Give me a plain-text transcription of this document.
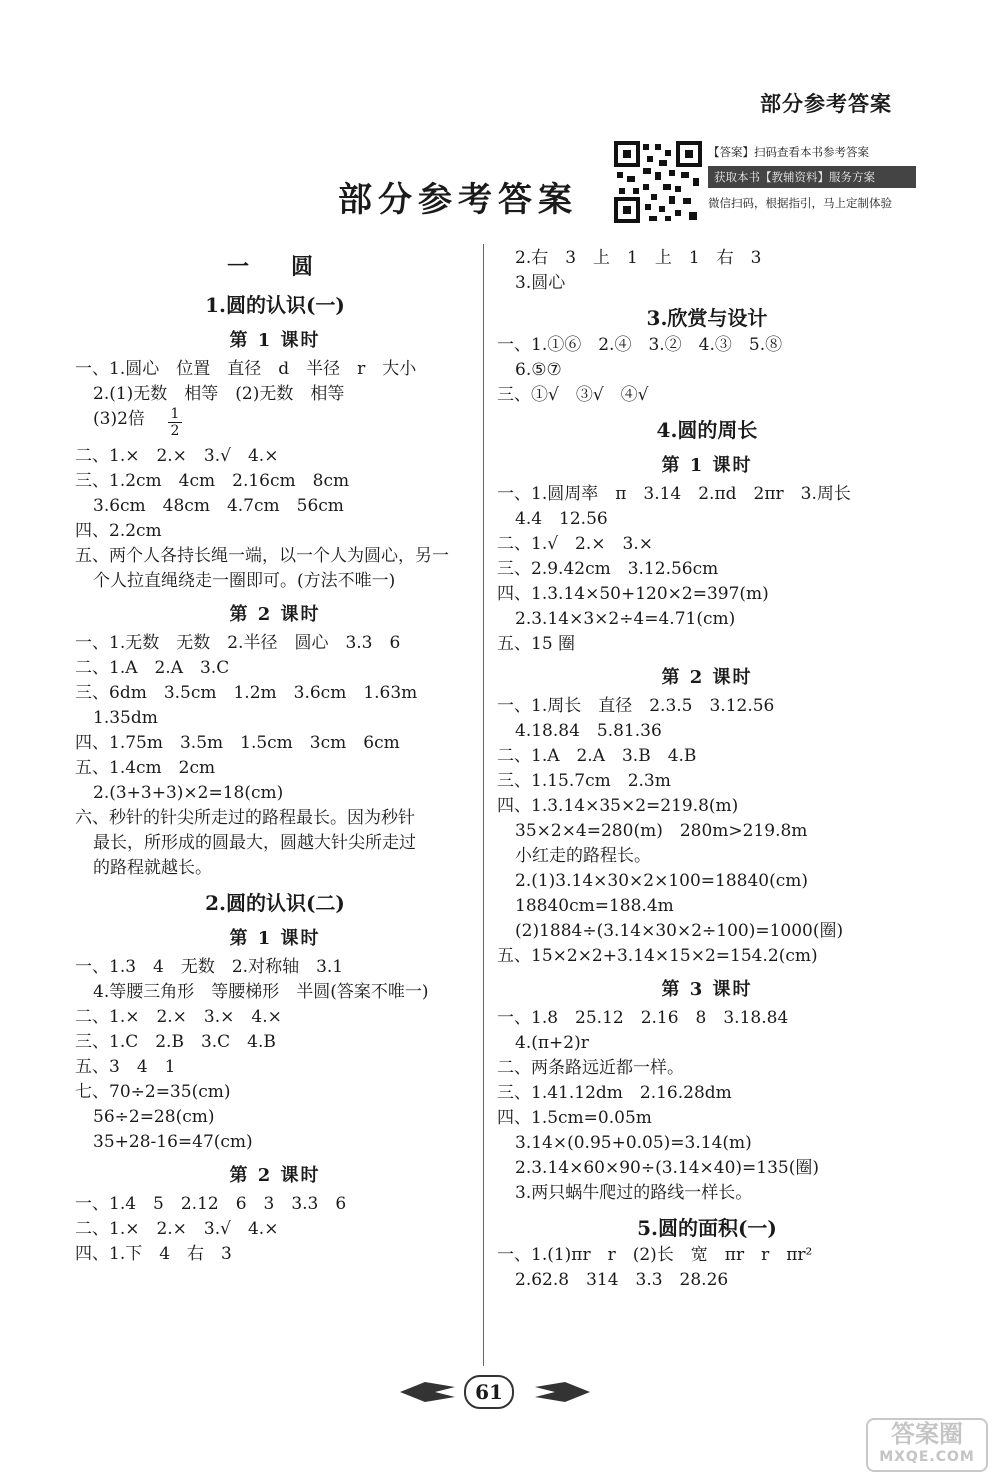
部分参考答案
部分参考答案
【答案】扫码查看本书参考答案
获取本书【教辅资料】服务方案
微信扫码，根据指引，马上定制体验
一　圆
1.圆的认识(一)
第 1 课时
一、1.圆心　位置　直径　d　半径　r　大小
2.(1)无数　相等　(2)无数　相等
(3)2倍	1
2
二、1.×　2.×　3.√　4.×
三、1.2cm　4cm　2.16cm　8cm
3.6cm　48cm　4.7cm　56cm
四、2.2cm
五、两个人各持长绳一端，以一个人为圆心，另一
个人拉直绳绕走一圈即可。(方法不唯一)
第 2 课时
一、1.无数　无数　2.半径　圆心　3.3　6
二、1.A　2.A　3.C
三、6dm　3.5cm　1.2m　3.6cm　1.63m
1.35dm
四、1.75m　3.5m　1.5cm　3cm　6cm
五、1.4cm　2cm
2.(3+3+3)×2=18(cm)
六、秒针的针尖所走过的路程最长。因为秒针
最长，所形成的圆最大，圆越大针尖所走过
的路程就越长。
2.圆的认识(二)
第 1 课时
一、1.3　4　无数　2.对称轴　3.1
4.等腰三角形　等腰梯形　半圆(答案不唯一)
二、1.×　2.×　3.×　4.×
三、1.C　2.B　3.C　4.B
五、3　4　1
七、70÷2=35(cm)
56÷2=28(cm)
35+28-16=47(cm)
第 2 课时
一、1.4　5　2.12　6　3　3.3　6
二、1.×　2.×　3.√　4.×
四、1.下　4　右　3
2.右　3　上　1　上　1　右　3
3.圆心
3.欣赏与设计
一、1.①⑥　2.④　3.②　4.③　5.⑧
6.⑤⑦
三、①√　③√　④√
4.圆的周长
第 1 课时
一、1.圆周率　π　3.14　2.πd　2πr　3.周长
4.4　12.56
二、1.√　2.×　3.×
三、2.9.42cm　3.12.56cm
四、1.3.14×50+120×2=397(m)
2.3.14×3×2÷4=4.71(cm)
五、15 圈
第 2 课时
一、1.周长　直径　2.3.5　3.12.56
4.18.84　5.81.36
二、1.A　2.A　3.B　4.B
三、1.15.7cm　2.3m
四、1.3.14×35×2=219.8(m)
35×2×4=280(m)　280m>219.8m
小红走的路程长。
2.(1)3.14×30×2×100=18840(cm)
18840cm=188.4m
(2)1884÷(3.14×30×2÷100)=1000(圈)
五、15×2×2+3.14×15×2=154.2(cm)
第 3 课时
一、1.8　25.12　2.16　8　3.18.84
4.(π+2)r
二、两条路远近都一样。
三、1.41.12dm　2.16.28dm
四、1.5cm=0.05m
3.14×(0.95+0.05)=3.14(m)
2.3.14×60×90÷(3.14×40)=135(圈)
3.两只蜗牛爬过的路线一样长。
5.圆的面积(一)
一、1.(1)πr　r　(2)长　宽　πr　r　πr²
2.62.8　314　3.3　28.26
61
答案圈
MXQE.COM
